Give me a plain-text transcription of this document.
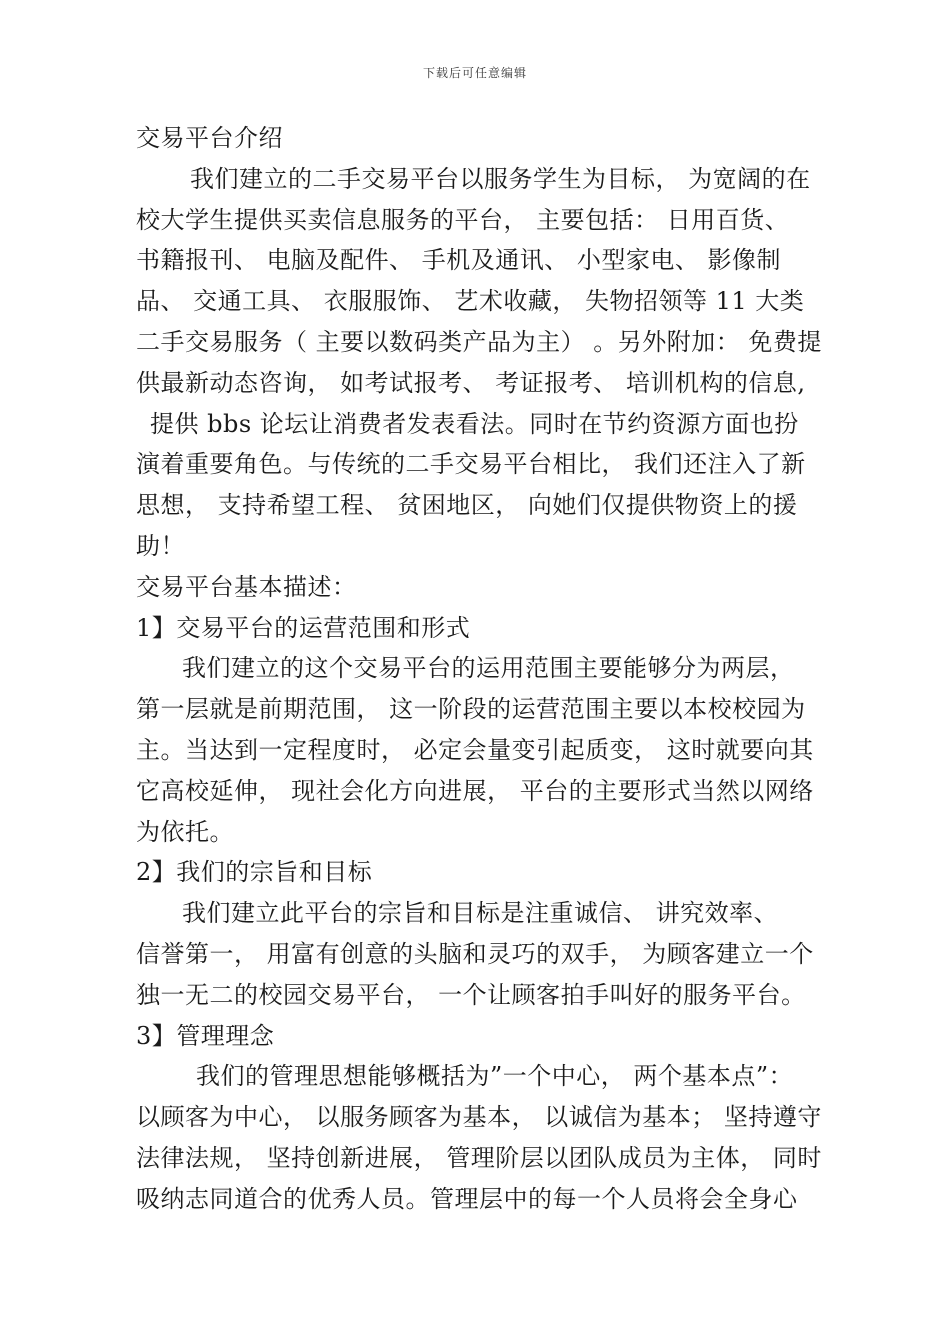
下载后可任意编辑
交易平台介绍
我们建立的二手交易平台以服务学生为目标， 为宽阔的在
校大学生提供买卖信息服务的平台， 主要包括： 日用百货、
书籍报刊、 电脑及配件、 手机及通讯、 小型家电、 影像制
品、 交通工具、 衣服服饰、 艺术收藏， 失物招领等 11 大类
二手交易服务（ 主要以数码类产品为主） 。另外附加： 免费提
供最新动态咨询， 如考试报考、 考证报考、 培训机构的信息,
提供 bbs 论坛让消费者发表看法。同时在节约资源方面也扮
演着重要角色。与传统的二手交易平台相比， 我们还注入了新
思想， 支持希望工程、 贫困地区， 向她们仅提供物资上的援
助！
交易平台基本描述：
1】交易平台的运营范围和形式
我们建立的这个交易平台的运用范围主要能够分为两层，
第一层就是前期范围， 这一阶段的运营范围主要以本校校园为
主。当达到一定程度时， 必定会量变引起质变， 这时就要向其
它高校延伸， 现社会化方向进展， 平台的主要形式当然以网络
为依托。
2】我们的宗旨和目标
我们建立此平台的宗旨和目标是注重诚信、 讲究效率、
信誉第一， 用富有创意的头脑和灵巧的双手， 为顾客建立一个
独一无二的校园交易平台， 一个让顾客拍手叫好的服务平台。
3】管理理念
我们的管理思想能够概括为”一个中心， 两个基本点”：
以顾客为中心， 以服务顾客为基本， 以诚信为基本； 坚持遵守
法律法规， 坚持创新进展， 管理阶层以团队成员为主体， 同时
吸纳志同道合的优秀人员。管理层中的每一个人员将会全身心
